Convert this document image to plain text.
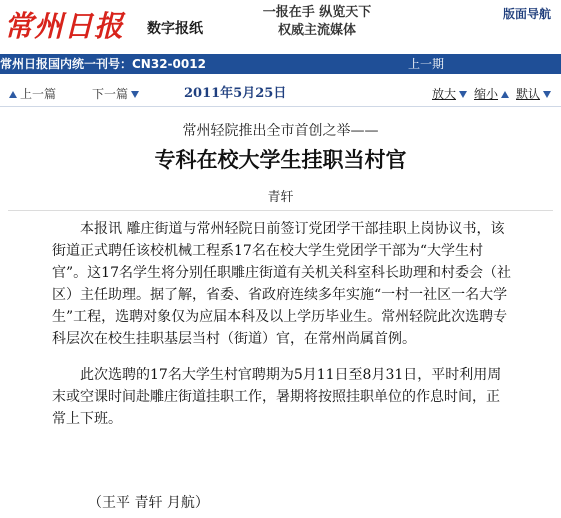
常州日报 数字报纸
一报在手 纵览天下
权威主流媒体
版面导航
常州日报国内统一刊号：CN32-0012	上一期
上一篇	下一篇	2011年5月25日	放大	缩小	默认
常州轻院推出全市首创之举——
专科在校大学生挂职当村官
青轩

本报讯 雕庄街道与常州轻院日前签订党团学干部挂职上岗协议书，该街道正式聘任该校机械工程系17名在校大学生党团学干部为“大学生村官”。这17名学生将分别任职雕庄街道有关机关科室科长助理和村委会（社区）主任助理。据了解，省委、省政府连续多年实施“一村一社区一名大学生”工程，选聘对象仅为应届本科及以上学历毕业生。常州轻院此次选聘专科层次在校生挂职基层当村（街道）官，在常州尚属首例。

此次选聘的17名大学生村官聘期为5月11日至8月31日，平时利用周末或空课时间赴雕庄街道挂职工作，暑期将按照挂职单位的作息时间，正常上下班。

（王平 青轩 月航）
